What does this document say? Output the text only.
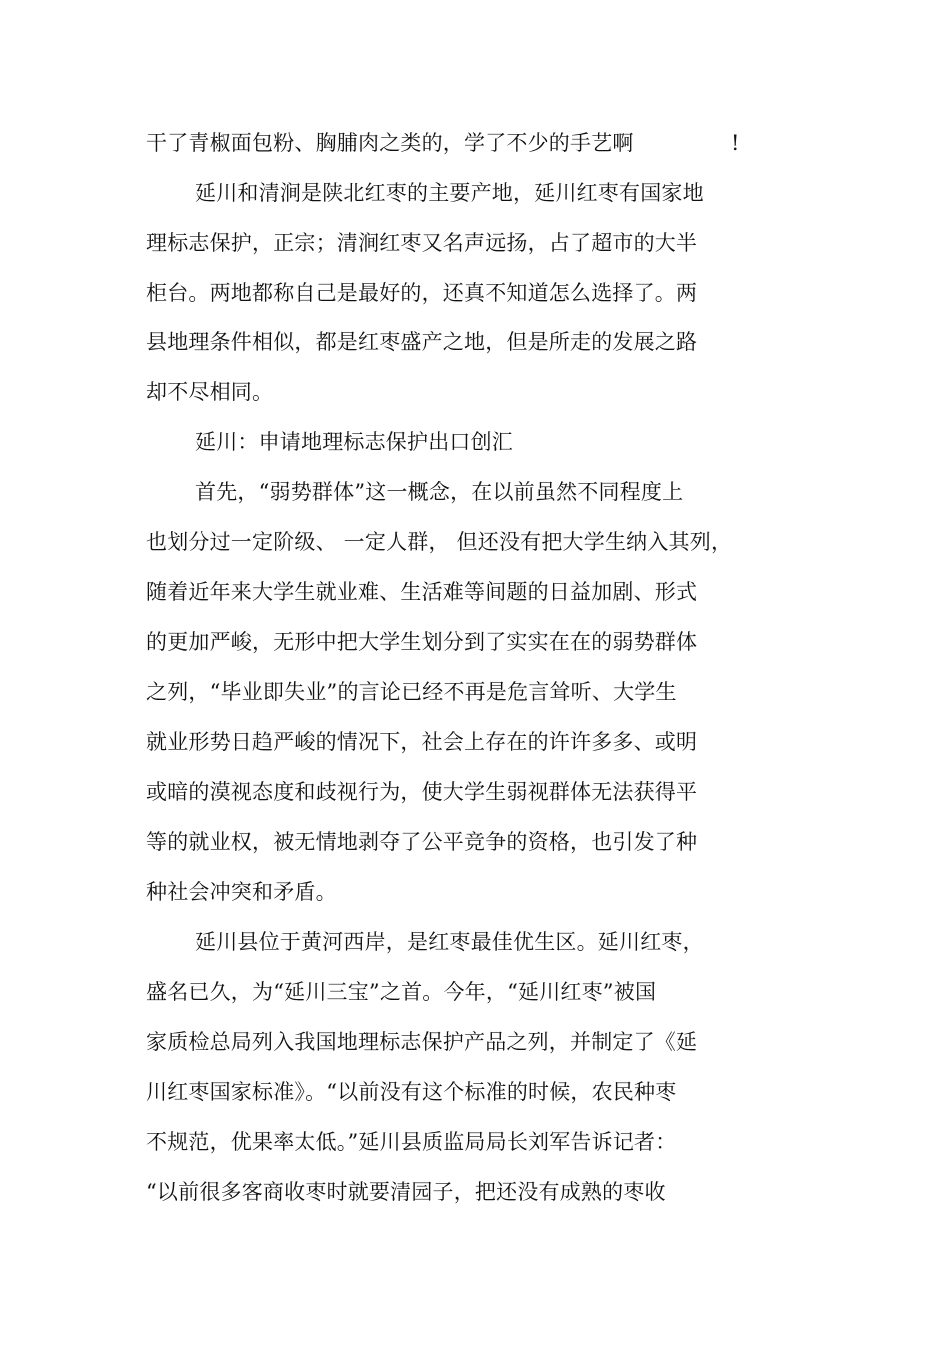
干了青椒面包粉、胸脯肉之类的，学了不少的手艺啊	!
延川和清涧是陕北红枣的主要产地，延川红枣有国家地
理标志保护，正宗；清涧红枣又名声远扬，占了超市的大半
柜台。两地都称自己是最好的，还真不知道怎么选择了。两
县地理条件相似，都是红枣盛产之地，但是所走的发展之路
却不尽相同。
延川：申请地理标志保护出口创汇
首先，“弱势群体”这一概念，在以前虽然不同程度上
也划分过一定阶级、 一定人群， 但还没有把大学生纳入其列，
随着近年来大学生就业难、生活难等间题的日益加剧、形式
的更加严峻，无形中把大学生划分到了实实在在的弱势群体
之列，“毕业即失业”的言论已经不再是危言耸听、大学生
就业形势日趋严峻的情况下，社会上存在的许许多多、或明
或暗的漠视态度和歧视行为，使大学生弱视群体无法获得平
等的就业权，被无情地剥夺了公平竞争的资格，也引发了种
种社会冲突和矛盾。
延川县位于黄河西岸，是红枣最佳优生区。延川红枣，
盛名已久，为“延川三宝”之首。今年，“延川红枣”被国
家质检总局列入我国地理标志保护产品之列，并制定了《延
川红枣国家标准》。“以前没有这个标准的时候，农民种枣
不规范，优果率太低。”延川县质监局局长刘军告诉记者：
“以前很多客商收枣时就要清园子，把还没有成熟的枣收
